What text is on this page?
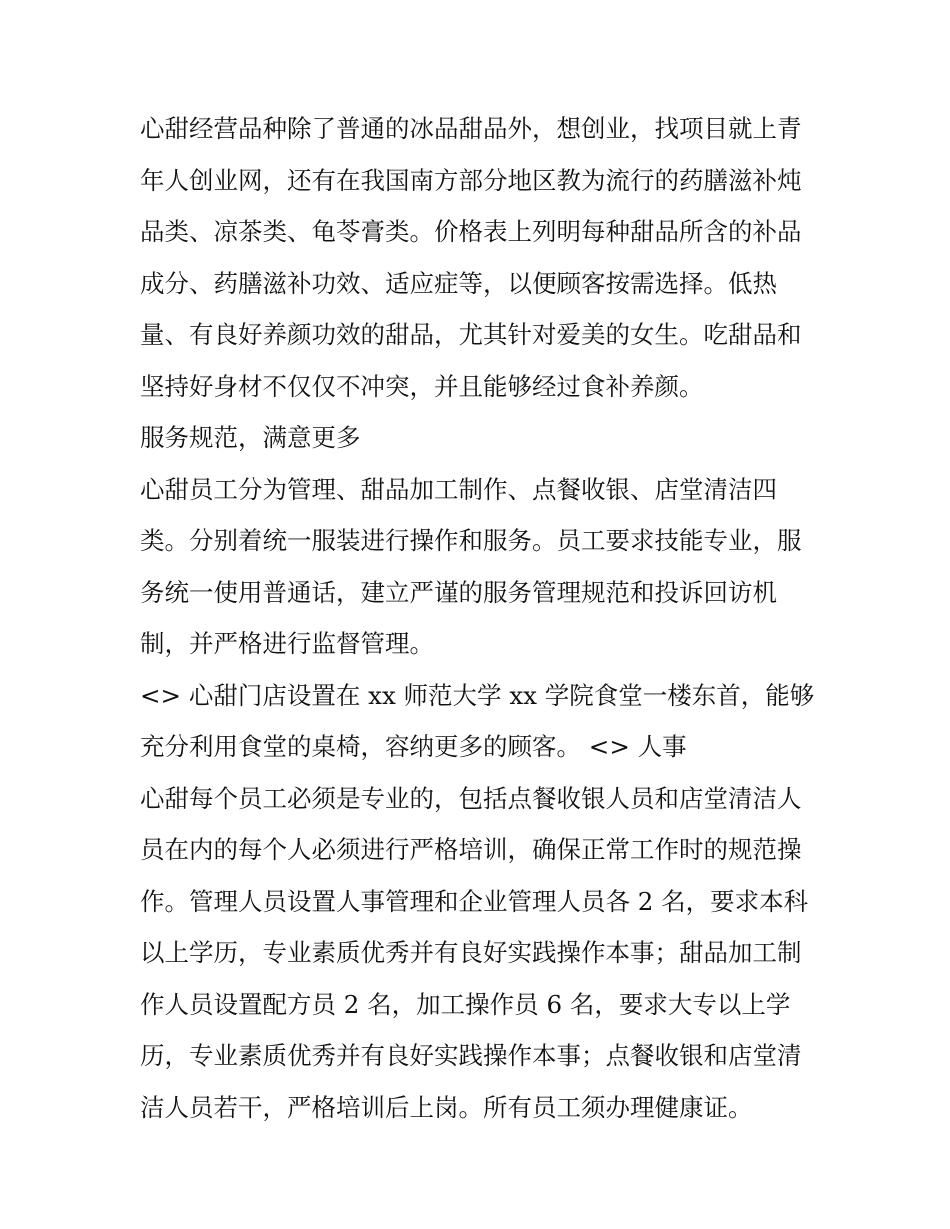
心甜经营品种除了普通的冰品甜品外，想创业，找项目就上青
年人创业网，还有在我国南方部分地区教为流行的药膳滋补炖
品类、凉茶类、龟苓膏类。价格表上列明每种甜品所含的补品
成分、药膳滋补功效、适应症等，以便顾客按需选择。低热
量、有良好养颜功效的甜品，尤其针对爱美的女生。吃甜品和
坚持好身材不仅仅不冲突，并且能够经过食补养颜。
服务规范，满意更多
心甜员工分为管理、甜品加工制作、点餐收银、店堂清洁四
类。分别着统一服装进行操作和服务。员工要求技能专业，服
务统一使用普通话，建立严谨的服务管理规范和投诉回访机
制，并严格进行监督管理。
<> 心甜门店设置在 xx 师范大学 xx 学院食堂一楼东首，能够
充分利用食堂的桌椅，容纳更多的顾客。 <> 人事
心甜每个员工必须是专业的，包括点餐收银人员和店堂清洁人
员在内的每个人必须进行严格培训，确保正常工作时的规范操
作。管理人员设置人事管理和企业管理人员各 2 名，要求本科
以上学历，专业素质优秀并有良好实践操作本事；甜品加工制
作人员设置配方员 2 名，加工操作员 6 名，要求大专以上学
历，专业素质优秀并有良好实践操作本事；点餐收银和店堂清
洁人员若干，严格培训后上岗。所有员工须办理健康证。
